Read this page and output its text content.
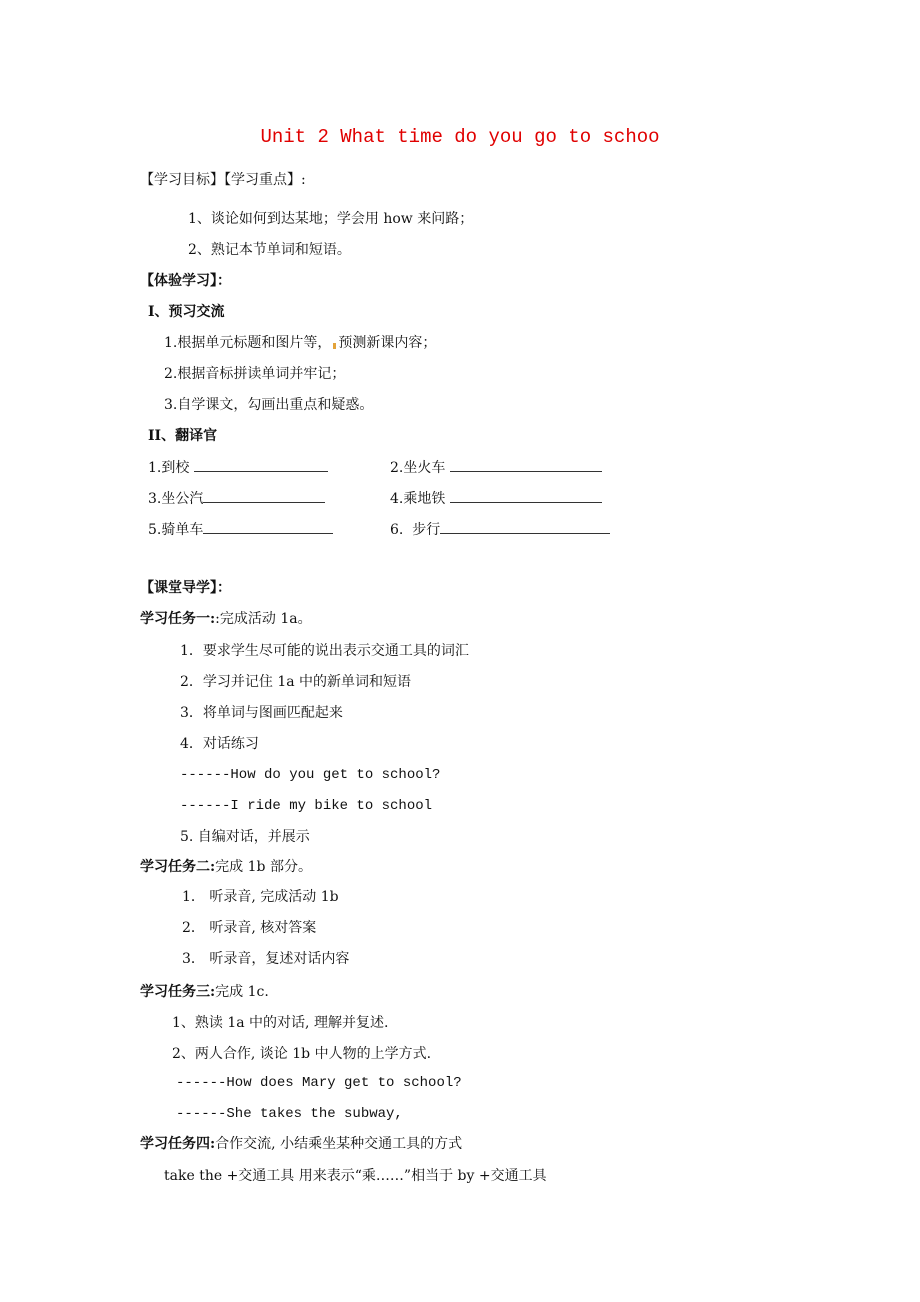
Unit 2 What time do you go to schoo
【学习目标】【学习重点】:
1、谈论如何到达某地；学会用 how 来问路；
2、熟记本节单词和短语。
【体验学习】：
I、预习交流
1.根据单元标题和图片等， 预测新课内容；
2.根据音标拼读单词并牢记；
3.自学课文，勾画出重点和疑惑。
II、翻译官
1.到校	2.坐火车
3.坐公汽	4.乘地铁
5.骑单车	6.  步行
【课堂导学】：
学习任务一::完成活动 1a。
1．要求学生尽可能的说出表示交通工具的词汇
2．学习并记住 1a 中的新单词和短语
3．将单词与图画匹配起来
4．对话练习
------How do you get to school?
------I ride my bike to school
5. 自编对话，并展示
学习任务二:完成 1b 部分。
1． 听录音, 完成活动 1b
2． 听录音, 核对答案
3． 听录音，复述对话内容
学习任务三:完成 1c.
1、熟读 1a 中的对话, 理解并复述.
2、两人合作, 谈论 1b 中人物的上学方式.
------How does Mary get to school?
------She takes the subway,
学习任务四:合作交流, 小结乘坐某种交通工具的方式
take the +交通工具 用来表示“乘……”相当于 by +交通工具
